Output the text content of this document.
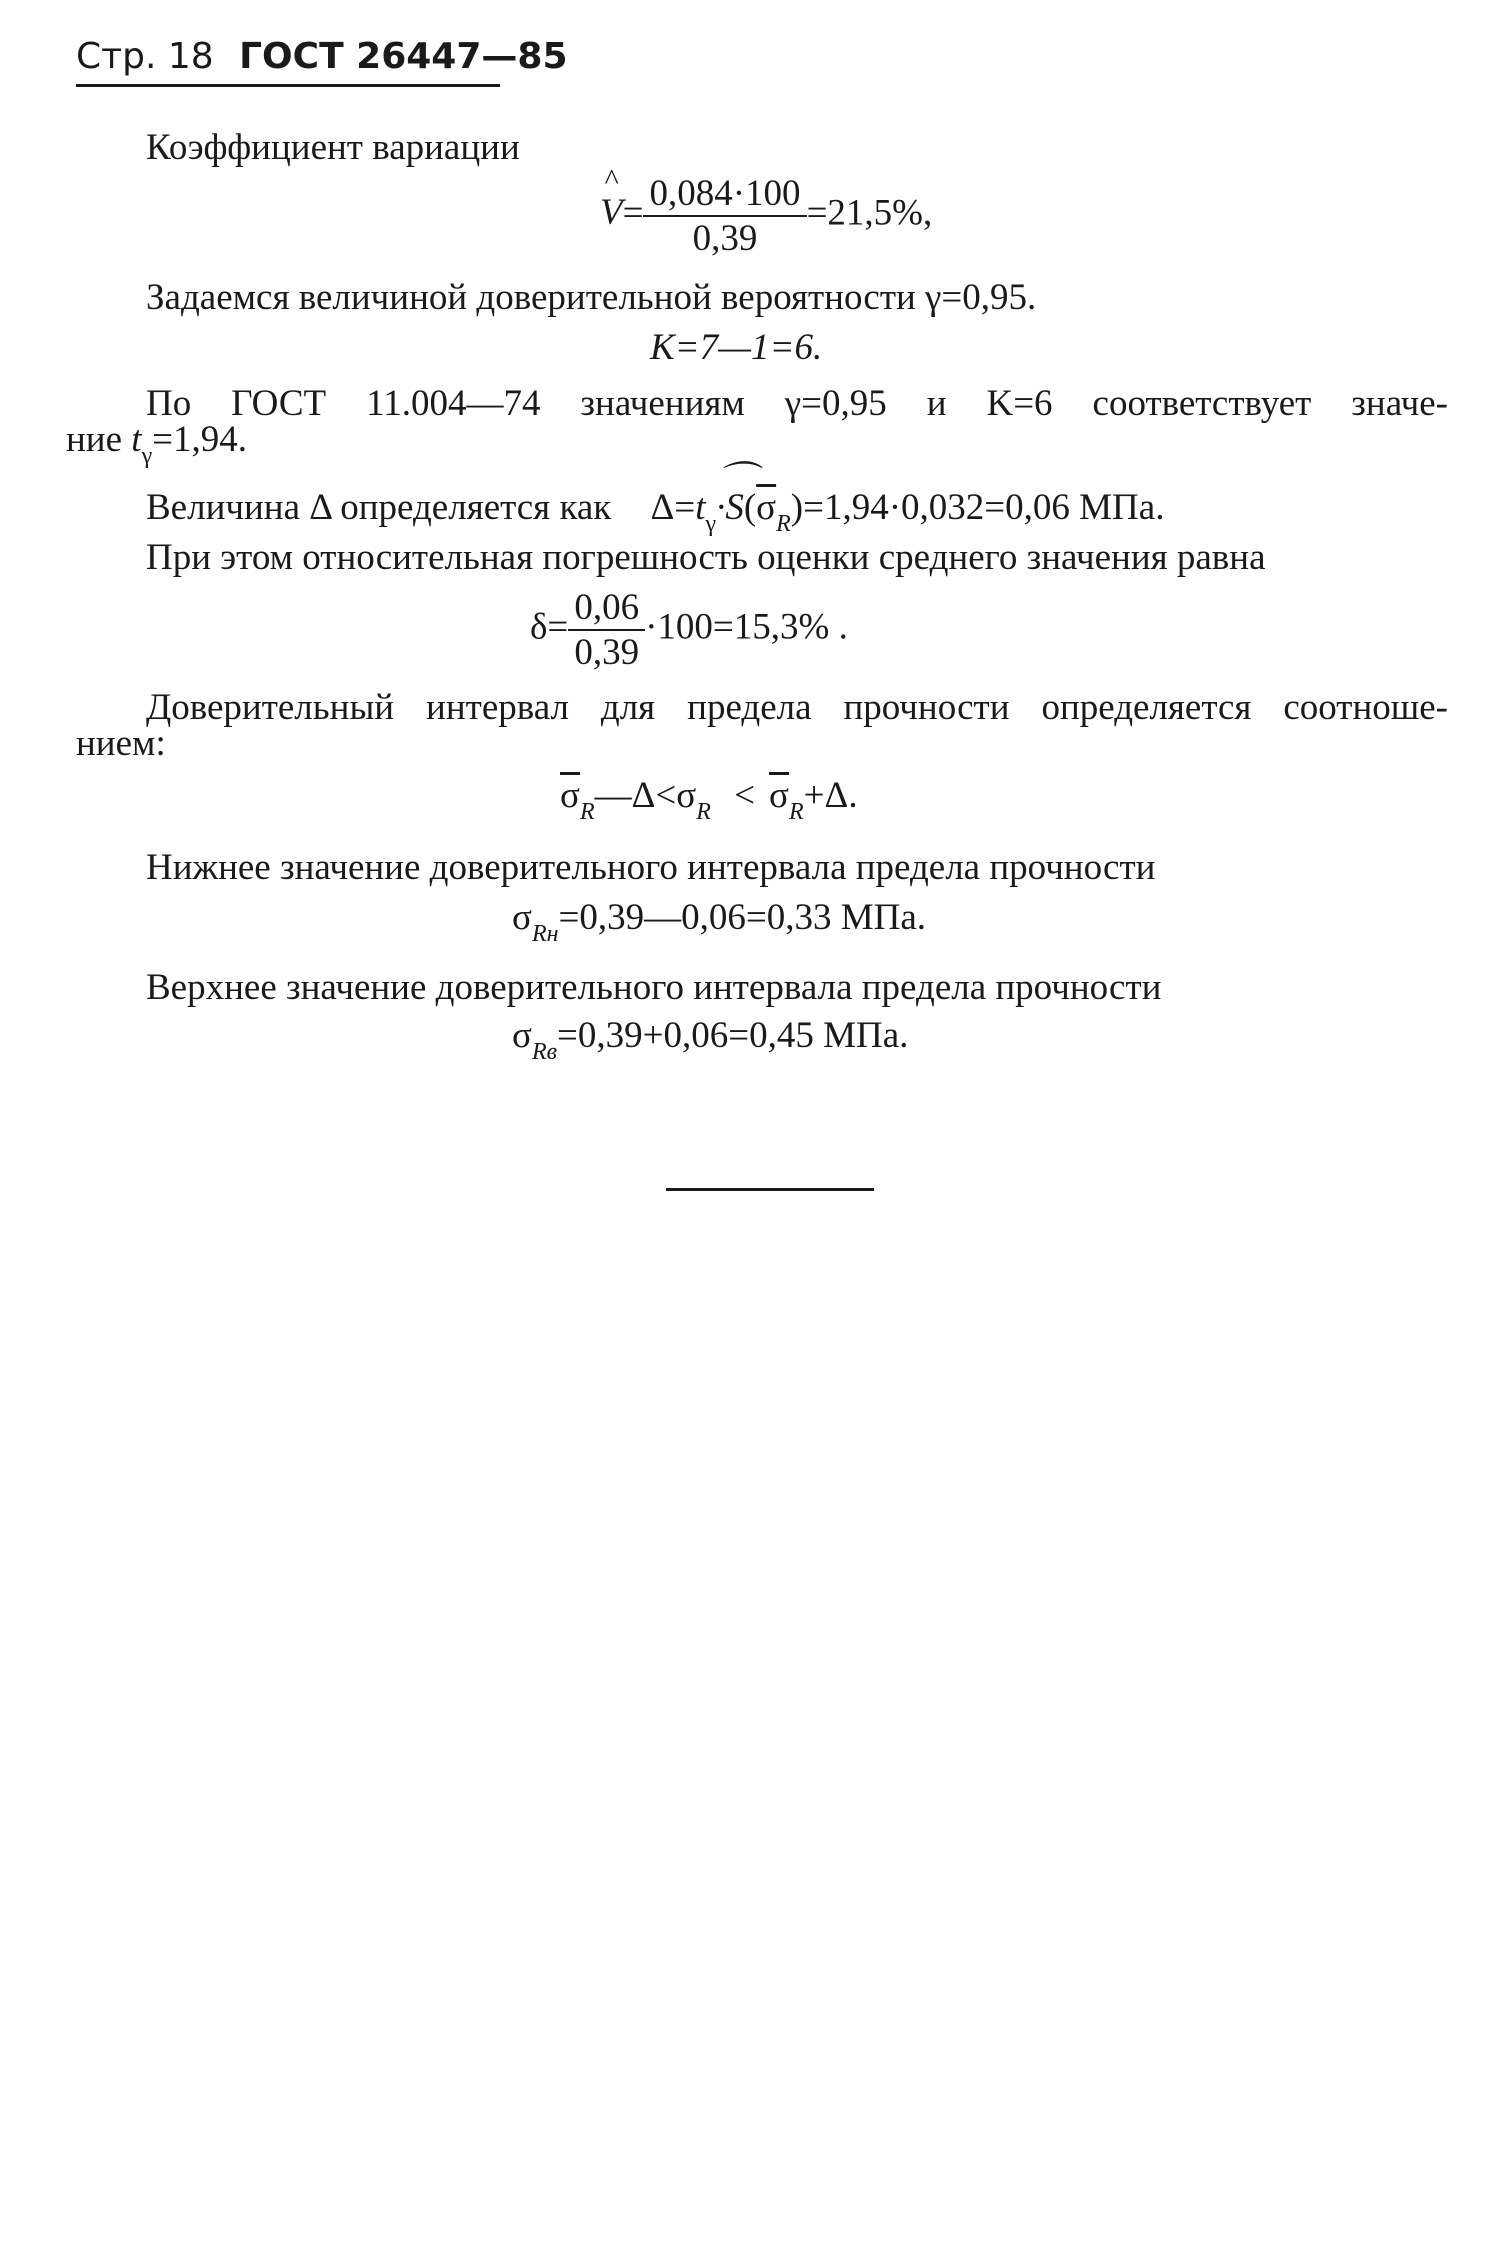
Стр. 18 ГОСТ 26447—85
Коэффициент вариации
^ $V= \frac{0,084\cdot 100}{0,39} =21,5\%$,
Задаемся величиной доверительной вероятности γ=0,95.
K=7—1=6.
По ГОСТ 11.004—74 значениям γ=0,95 и K=6 соответствует значе-
ние $t_\gamma=1,94$.
Величина Δ определяется как $\Delta=t_\gamma⌒ \cdot S(\overline{\sigma}_R)=1,94\cdot 0,032=0,06$ МПа.
При этом относительная погрешность оценки среднего значения равна
$\delta= \frac{0,06}{0,39} \cdot 100=15,3\%$ .
Доверительный интервал для предела прочности определяется соотноше-
нием:
$\overline{\sigma}_R—\Delta<\sigma_R < \overline{\sigma}_R+\Delta$.
Нижнее значение доверительного интервала предела прочности
$\sigma_{Rн}=0,39—0,06=0,33$ МПа.
Верхнее значение доверительного интервала предела прочности
$\sigma_{Rв}=0,39+0,06=0,45$ МПа.
